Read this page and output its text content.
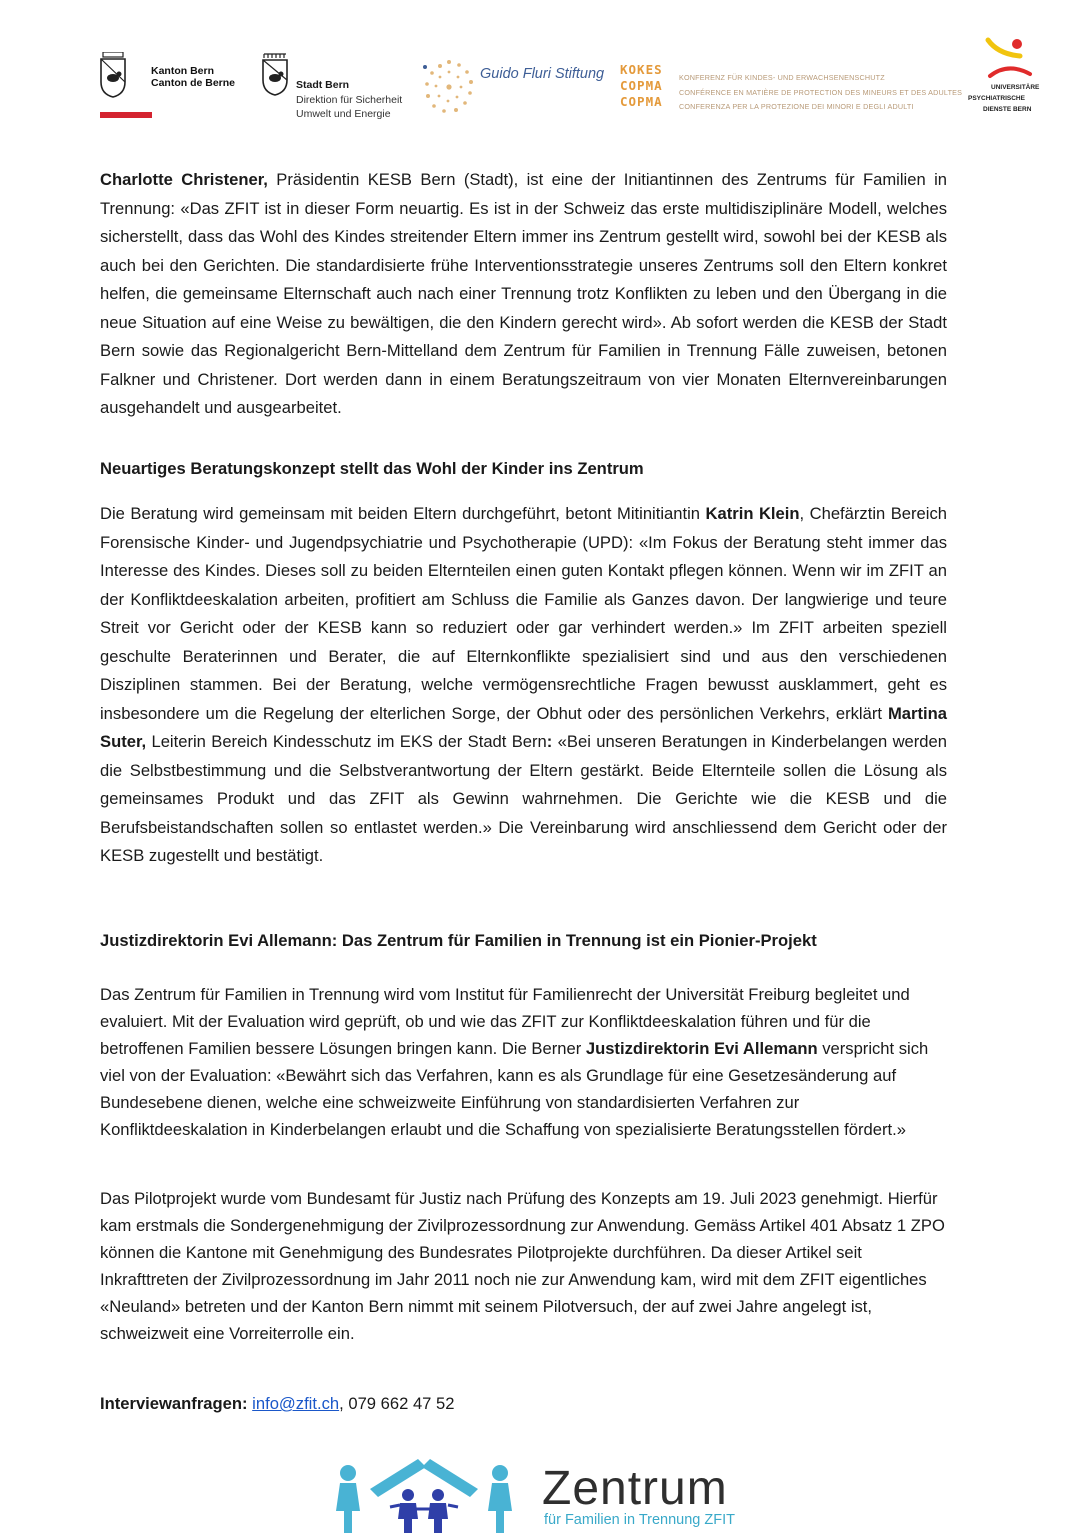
Kanton Bern
Canton de Berne	Stadt Bern
Direktion für Sicherheit
Umwelt und Energie
Guido Fluri Stiftung KOKES
COPMA
COPMA
KONFERENZ FÜR KINDES- UND ERWACHSENENSCHUTZ
CONFÉRENCE EN MATIÈRE DE PROTECTION DES MINEURS ET DES ADULTES
CONFERENZA PER LA PROTEZIONE DEI MINORI E DEGLI ADULTI
UNIVERSITÄRE
PSYCHIATRISCHE
DIENSTE BERN

Charlotte Christener, Präsidentin KESB Bern (Stadt), ist eine der Initiantinnen des Zentrums für Familien in Trennung: «Das ZFIT ist in dieser Form neuartig. Es ist in der Schweiz das erste multidisziplinäre Modell, welches sicherstellt, dass das Wohl des Kindes streitender Eltern immer ins Zentrum gestellt wird, sowohl bei der KESB als auch bei den Gerichten. Die standardisierte frühe Interventionsstrategie unseres Zentrums soll den Eltern konkret helfen, die gemeinsame Elternschaft auch nach einer Trennung trotz Konflikten zu leben und den Übergang in die neue Situation auf eine Weise zu bewältigen, die den Kindern gerecht wird». Ab sofort werden die KESB der Stadt Bern sowie das Regionalgericht Bern-Mittelland dem Zentrum für Familien in Trennung Fälle zuweisen, betonen Falkner und Christener. Dort werden dann in einem Beratungszeitraum von vier Monaten Elternvereinbarungen ausgehandelt und ausgearbeitet.

Neuartiges Beratungskonzept stellt das Wohl der Kinder ins Zentrum

Die Beratung wird gemeinsam mit beiden Eltern durchgeführt, betont Mitinitiantin Katrin Klein, Chefärztin Bereich Forensische Kinder- und Jugendpsychiatrie und Psychotherapie (UPD): «Im Fokus der Beratung steht immer das Interesse des Kindes. Dieses soll zu beiden Elternteilen einen guten Kontakt pflegen können. Wenn wir im ZFIT an der Konfliktdeeskalation arbeiten, profitiert am Schluss die Familie als Ganzes davon. Der langwierige und teure Streit vor Gericht oder der KESB kann so reduziert oder gar verhindert werden.» Im ZFIT arbeiten speziell geschulte Beraterinnen und Berater, die auf Elternkonflikte spezialisiert sind und aus den verschiedenen Disziplinen stammen. Bei der Beratung, welche vermögensrechtliche Fragen bewusst ausklammert, geht es insbesondere um die Regelung der elterlichen Sorge, der Obhut oder des persönlichen Verkehrs, erklärt Martina Suter, Leiterin Bereich Kindesschutz im EKS der Stadt Bern: «Bei unseren Beratungen in Kinderbelangen werden die Selbstbestimmung und die Selbstverantwortung der Eltern gestärkt. Beide Elternteile sollen die Lösung als gemeinsames Produkt und das ZFIT als Gewinn wahrnehmen. Die Gerichte wie die KESB und die Berufsbeistandschaften sollen so entlastet werden.» Die Vereinbarung wird anschliessend dem Gericht oder der KESB zugestellt und bestätigt.

Justizdirektorin Evi Allemann: Das Zentrum für Familien in Trennung ist ein Pionier-Projekt

Das Zentrum für Familien in Trennung wird vom Institut für Familienrecht der Universität Freiburg begleitet und evaluiert. Mit der Evaluation wird geprüft, ob und wie das ZFIT zur Konfliktdeeskalation führen und für die betroffenen Familien bessere Lösungen bringen kann. Die Berner Justizdirektorin Evi Allemann verspricht sich viel von der Evaluation: «Bewährt sich das Verfahren, kann es als Grundlage für eine Gesetzesänderung auf Bundesebene dienen, welche eine schweizweite Einführung von standardisierten Verfahren zur Konfliktdeeskalation in Kinderbelangen erlaubt und die Schaffung von spezialisierte Beratungsstellen fördert.»

Das Pilotprojekt wurde vom Bundesamt für Justiz nach Prüfung des Konzepts am 19. Juli 2023 genehmigt. Hierfür kam erstmals die Sondergenehmigung der Zivilprozessordnung zur Anwendung. Gemäss Artikel 401 Absatz 1 ZPO können die Kantone mit Genehmigung des Bundesrates Pilotprojekte durchführen. Da dieser Artikel seit Inkrafttreten der Zivilprozessordnung im Jahr 2011 noch nie zur Anwendung kam, wird mit dem ZFIT eigentliches «Neuland» betreten und der Kanton Bern nimmt mit seinem Pilotversuch, der auf zwei Jahre angelegt ist, schweizweit eine Vorreiterrolle ein.

Interviewanfragen: info@zfit.ch, 079 662 47 52

Zentrum
für Familien in Trennung ZFIT
